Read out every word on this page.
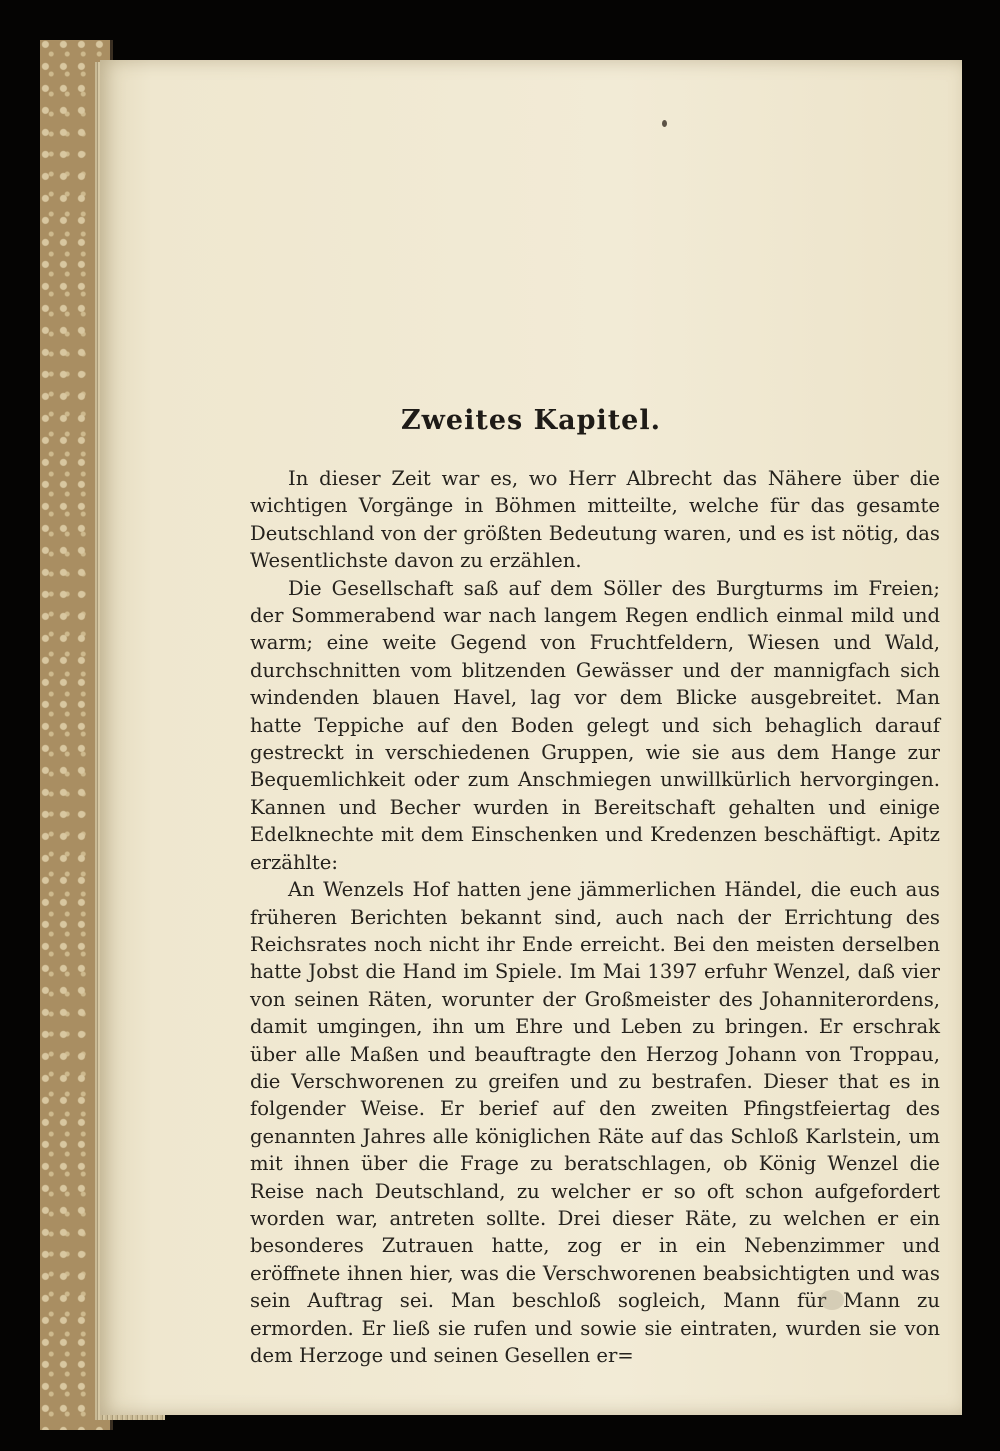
Zweites Kapitel.

In dieser Zeit war es, wo Herr Albrecht das Nähere über die wichtigen Vorgänge in Böhmen mitteilte, welche für das gesamte Deutschland von der größten Bedeutung waren, und es ist nötig, das Wesentlichste davon zu erzählen.

Die Gesellschaft saß auf dem Söller des Burgturms im Freien; der Sommerabend war nach langem Regen endlich einmal mild und warm; eine weite Gegend von Fruchtfeldern, Wiesen und Wald, durchschnitten vom blitzenden Gewässer und der mannigfach sich windenden blauen Havel, lag vor dem Blicke ausgebreitet. Man hatte Teppiche auf den Boden gelegt und sich behaglich darauf gestreckt in verschiedenen Gruppen, wie sie aus dem Hange zur Bequemlichkeit oder zum Anschmiegen unwillkürlich hervorgingen. Kannen und Becher wurden in Bereitschaft gehalten und einige Edelknechte mit dem Einschenken und Kredenzen beschäftigt. Apitz erzählte:

An Wenzels Hof hatten jene jämmerlichen Händel, die euch aus früheren Berichten bekannt sind, auch nach der Errichtung des Reichsrates noch nicht ihr Ende erreicht. Bei den meisten derselben hatte Jobst die Hand im Spiele. Im Mai 1397 erfuhr Wenzel, daß vier von seinen Räten, worunter der Großmeister des Johanniterordens, damit umgingen, ihn um Ehre und Leben zu bringen. Er erschrak über alle Maßen und beauftragte den Herzog Johann von Troppau, die Verschworenen zu greifen und zu bestrafen. Dieser that es in folgender Weise. Er berief auf den zweiten Pfingstfeiertag des genannten Jahres alle königlichen Räte auf das Schloß Karlstein, um mit ihnen über die Frage zu beratschlagen, ob König Wenzel die Reise nach Deutschland, zu welcher er so oft schon aufgefordert worden war, antreten sollte. Drei dieser Räte, zu welchen er ein besonderes Zutrauen hatte, zog er in ein Nebenzimmer und eröffnete ihnen hier, was die Verschworenen beabsichtigten und was sein Auftrag sei. Man beschloß sogleich, Mann für Mann zu ermorden. Er ließ sie rufen und sowie sie eintraten, wurden sie von dem Herzoge und seinen Gesellen er=
